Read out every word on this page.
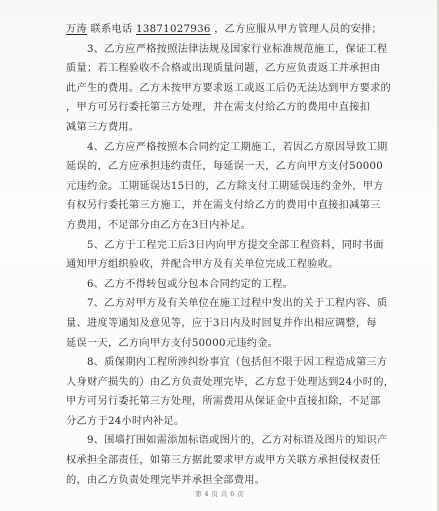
万涛 联系电话 13871027936 ，乙方应服从甲方管理人员的安排；
3、乙方应严格按照法律法规及国家行业标准规范施工，保证工程
质量；若工程验收不合格或出现质量问题，乙方应负责返工并承担由
此产生的费用。乙方未按甲方要求返工或返工后仍无法达到甲方要求的
，甲方可另行委托第三方处理，并在需支付给乙方的费用中直接扣
减第三方费用。
4、乙方应严格按照本合同约定工期施工，若因乙方原因导致工期
延误的，乙方应承担违约责任，每延误一天，乙方向甲方支付50000
元违约金。工期延误达15日的，乙方除支付工期延误违约金外，甲方
有权另行委托第三方施工，并在需支付给乙方的费用中直接扣减第三
方费用，不足部分由乙方在3日内补足。
5、乙方于工程完工后3日内向甲方提交全部工程资料，同时书面
通知甲方组织验收，并配合甲方及有关单位完成工程验收。
6、乙方不得转包或分包本合同约定的工程。
7、乙方对甲方及有关单位在施工过程中发出的关于工程内容、质
量、进度等通知及意见等，应于3日内及时回复并作出相应调整，每
延误一天，乙方向甲方支付50000元违约金。
8、质保期内工程所涉纠纷事宜（包括但不限于因工程造成第三方
人身财产损失的）由乙方负责处理完毕，乙方怠于处理达到24小时的，
甲方可另行委托第三方处理，所需费用从保证金中直接扣除，不足部
分乙方于24小时内补足。
9、围墙打围如需添加标语或图片的，乙方对标语及图片的知识产
权承担全部责任，如第三方据此要求甲方或甲方关联方承担侵权责任
的，由乙方负责处理完毕并承担全部费用。
第 4 页 共 6 页
